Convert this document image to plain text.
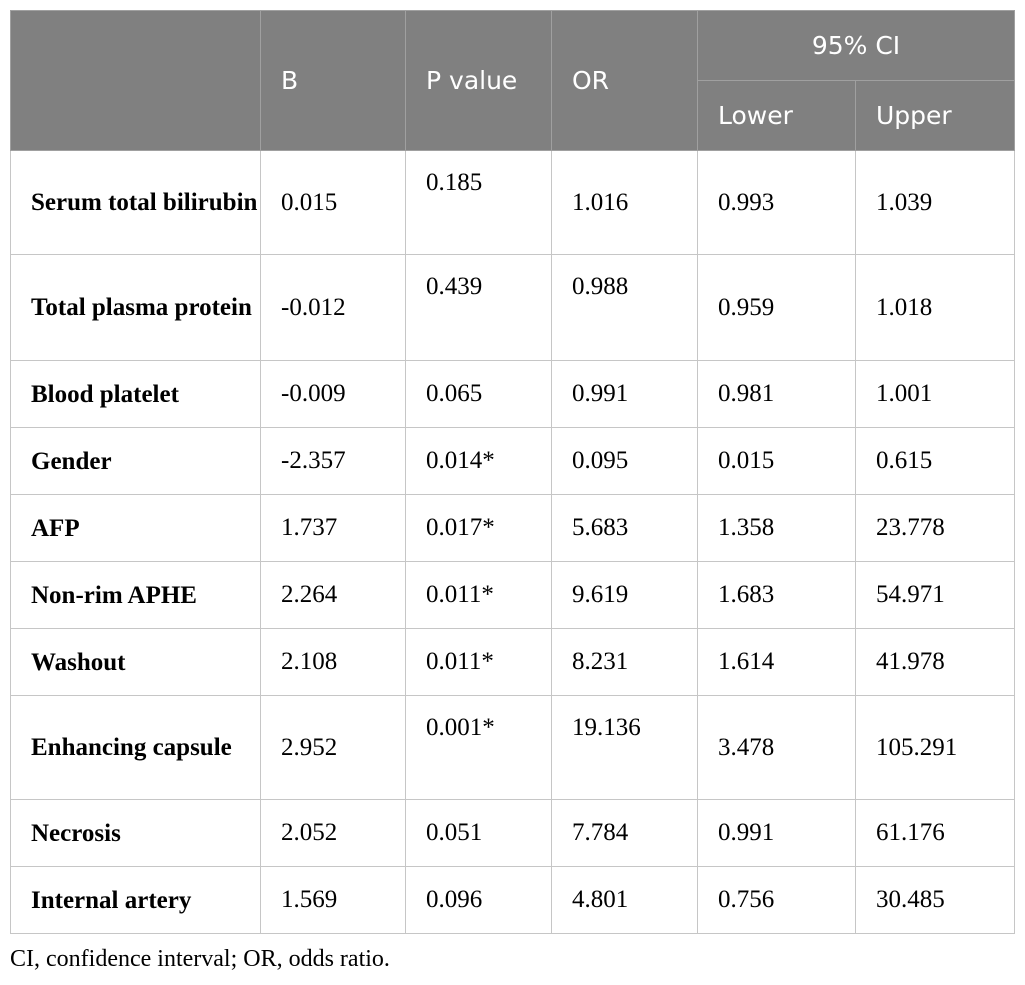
	B	P value	OR	95% CI	
				Lower	Upper
Serum total bilirubin	0.015	0.185	1.016	0.993	1.039
Total plasma protein	-0.012	0.439	0.988	0.959	1.018
Blood platelet	-0.009	0.065	0.991	0.981	1.001
Gender	-2.357	0.014*	0.095	0.015	0.615
AFP	1.737	0.017*	5.683	1.358	23.778
Non-rim APHE	2.264	0.011*	9.619	1.683	54.971
Washout	2.108	0.011*	8.231	1.614	41.978
Enhancing capsule	2.952	0.001*	19.136	3.478	105.291
Necrosis	2.052	0.051	7.784	0.991	61.176
Internal artery	1.569	0.096	4.801	0.756	30.485
CI, confidence interval; OR, odds ratio.
